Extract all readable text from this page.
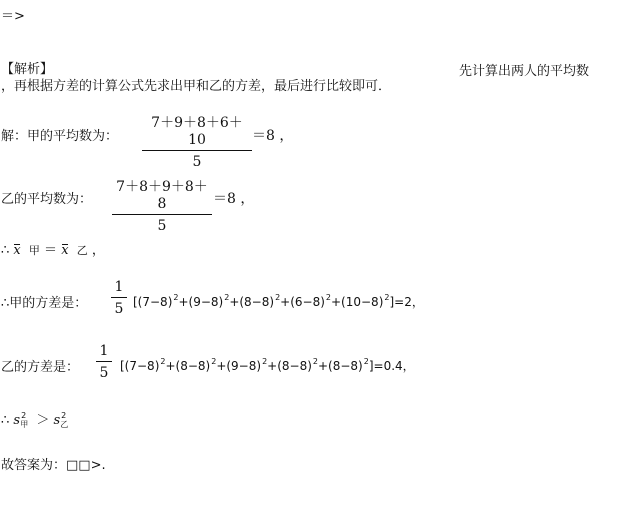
＝>
【解析】	先计算出两人的平均数
，再根据方差的计算公式先求出甲和乙的方差，最后进行比较即可．
解：甲的平均数为：
7＋9＋8＋6＋10
5
＝8 ，
乙的平均数为：
7＋8＋9＋8＋8
5
＝8 ，
∴ x 甲 ＝ x 乙 ，
∴甲的方差是：
1
5 $[(7-8)^2+(9-8)^2+(8-8)^2+(6-8)^2+(10-8)^2]=2$，
乙的方差是：
1
5 $[(7-8)^2+(8-8)^2+(9-8)^2+(8-8)^2+(8-8)^2]=0.4$，
∴ $s^2_甲 > s^2_乙$
故答案为：□□>.
